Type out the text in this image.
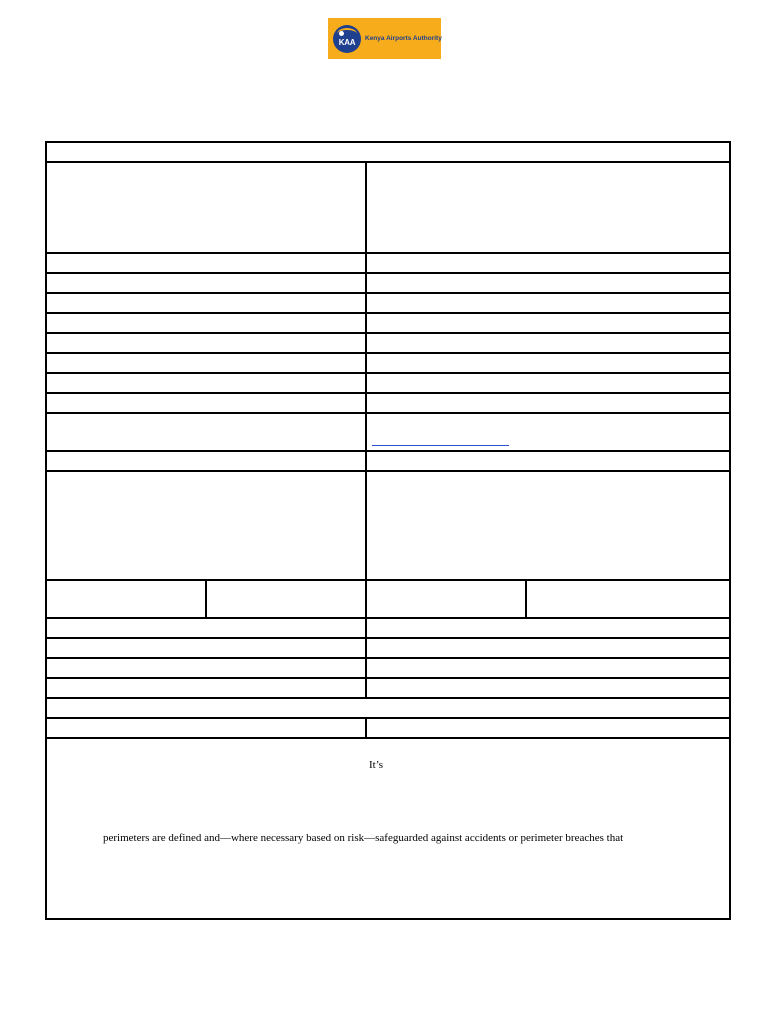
KAA Kenya Airports Authority
It’s
perimeters are defined and—where necessary based on risk—safeguarded against accidents or perimeter breaches that
